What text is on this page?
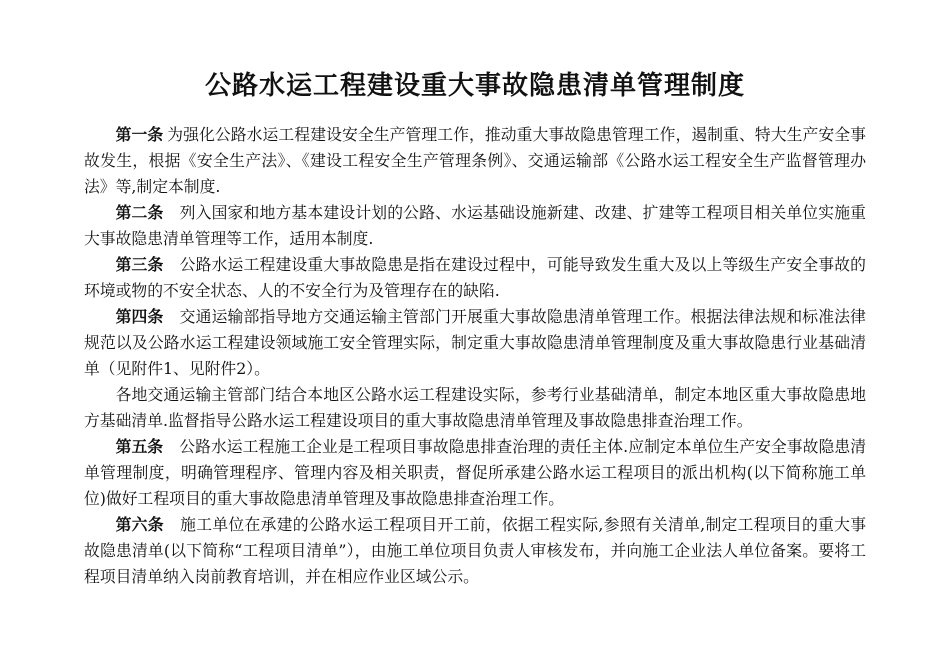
公路水运工程建设重大事故隐患清单管理制度

第一条 为强化公路水运工程建设安全生产管理工作，推动重大事故隐患管理工作，遏制重、特大生产安全事故发生，根据《安全生产法》、《建设工程安全生产管理条例》、交通运输部《公路水运工程安全生产监督管理办法》等,制定本制度.

第二条 列入国家和地方基本建设计划的公路、水运基础设施新建、改建、扩建等工程项目相关单位实施重大事故隐患清单管理等工作，适用本制度.

第三条 公路水运工程建设重大事故隐患是指在建设过程中，可能导致发生重大及以上等级生产安全事故的环境或物的不安全状态、人的不安全行为及管理存在的缺陷.

第四条 交通运输部指导地方交通运输主管部门开展重大事故隐患清单管理工作。根据法律法规和标准法律规范以及公路水运工程建设领域施工安全管理实际，制定重大事故隐患清单管理制度及重大事故隐患行业基础清单（见附件1、见附件2）。

各地交通运输主管部门结合本地区公路水运工程建设实际，参考行业基础清单，制定本地区重大事故隐患地方基础清单.监督指导公路水运工程建设项目的重大事故隐患清单管理及事故隐患排查治理工作。

第五条 公路水运工程施工企业是工程项目事故隐患排查治理的责任主体.应制定本单位生产安全事故隐患清单管理制度，明确管理程序、管理内容及相关职责，督促所承建公路水运工程项目的派出机构(以下简称施工单位)做好工程项目的重大事故隐患清单管理及事故隐患排查治理工作。

第六条 施工单位在承建的公路水运工程项目开工前，依据工程实际,参照有关清单,制定工程项目的重大事故隐患清单(以下简称“工程项目清单”），由施工单位项目负责人审核发布，并向施工企业法人单位备案。要将工程项目清单纳入岗前教育培训，并在相应作业区域公示。
